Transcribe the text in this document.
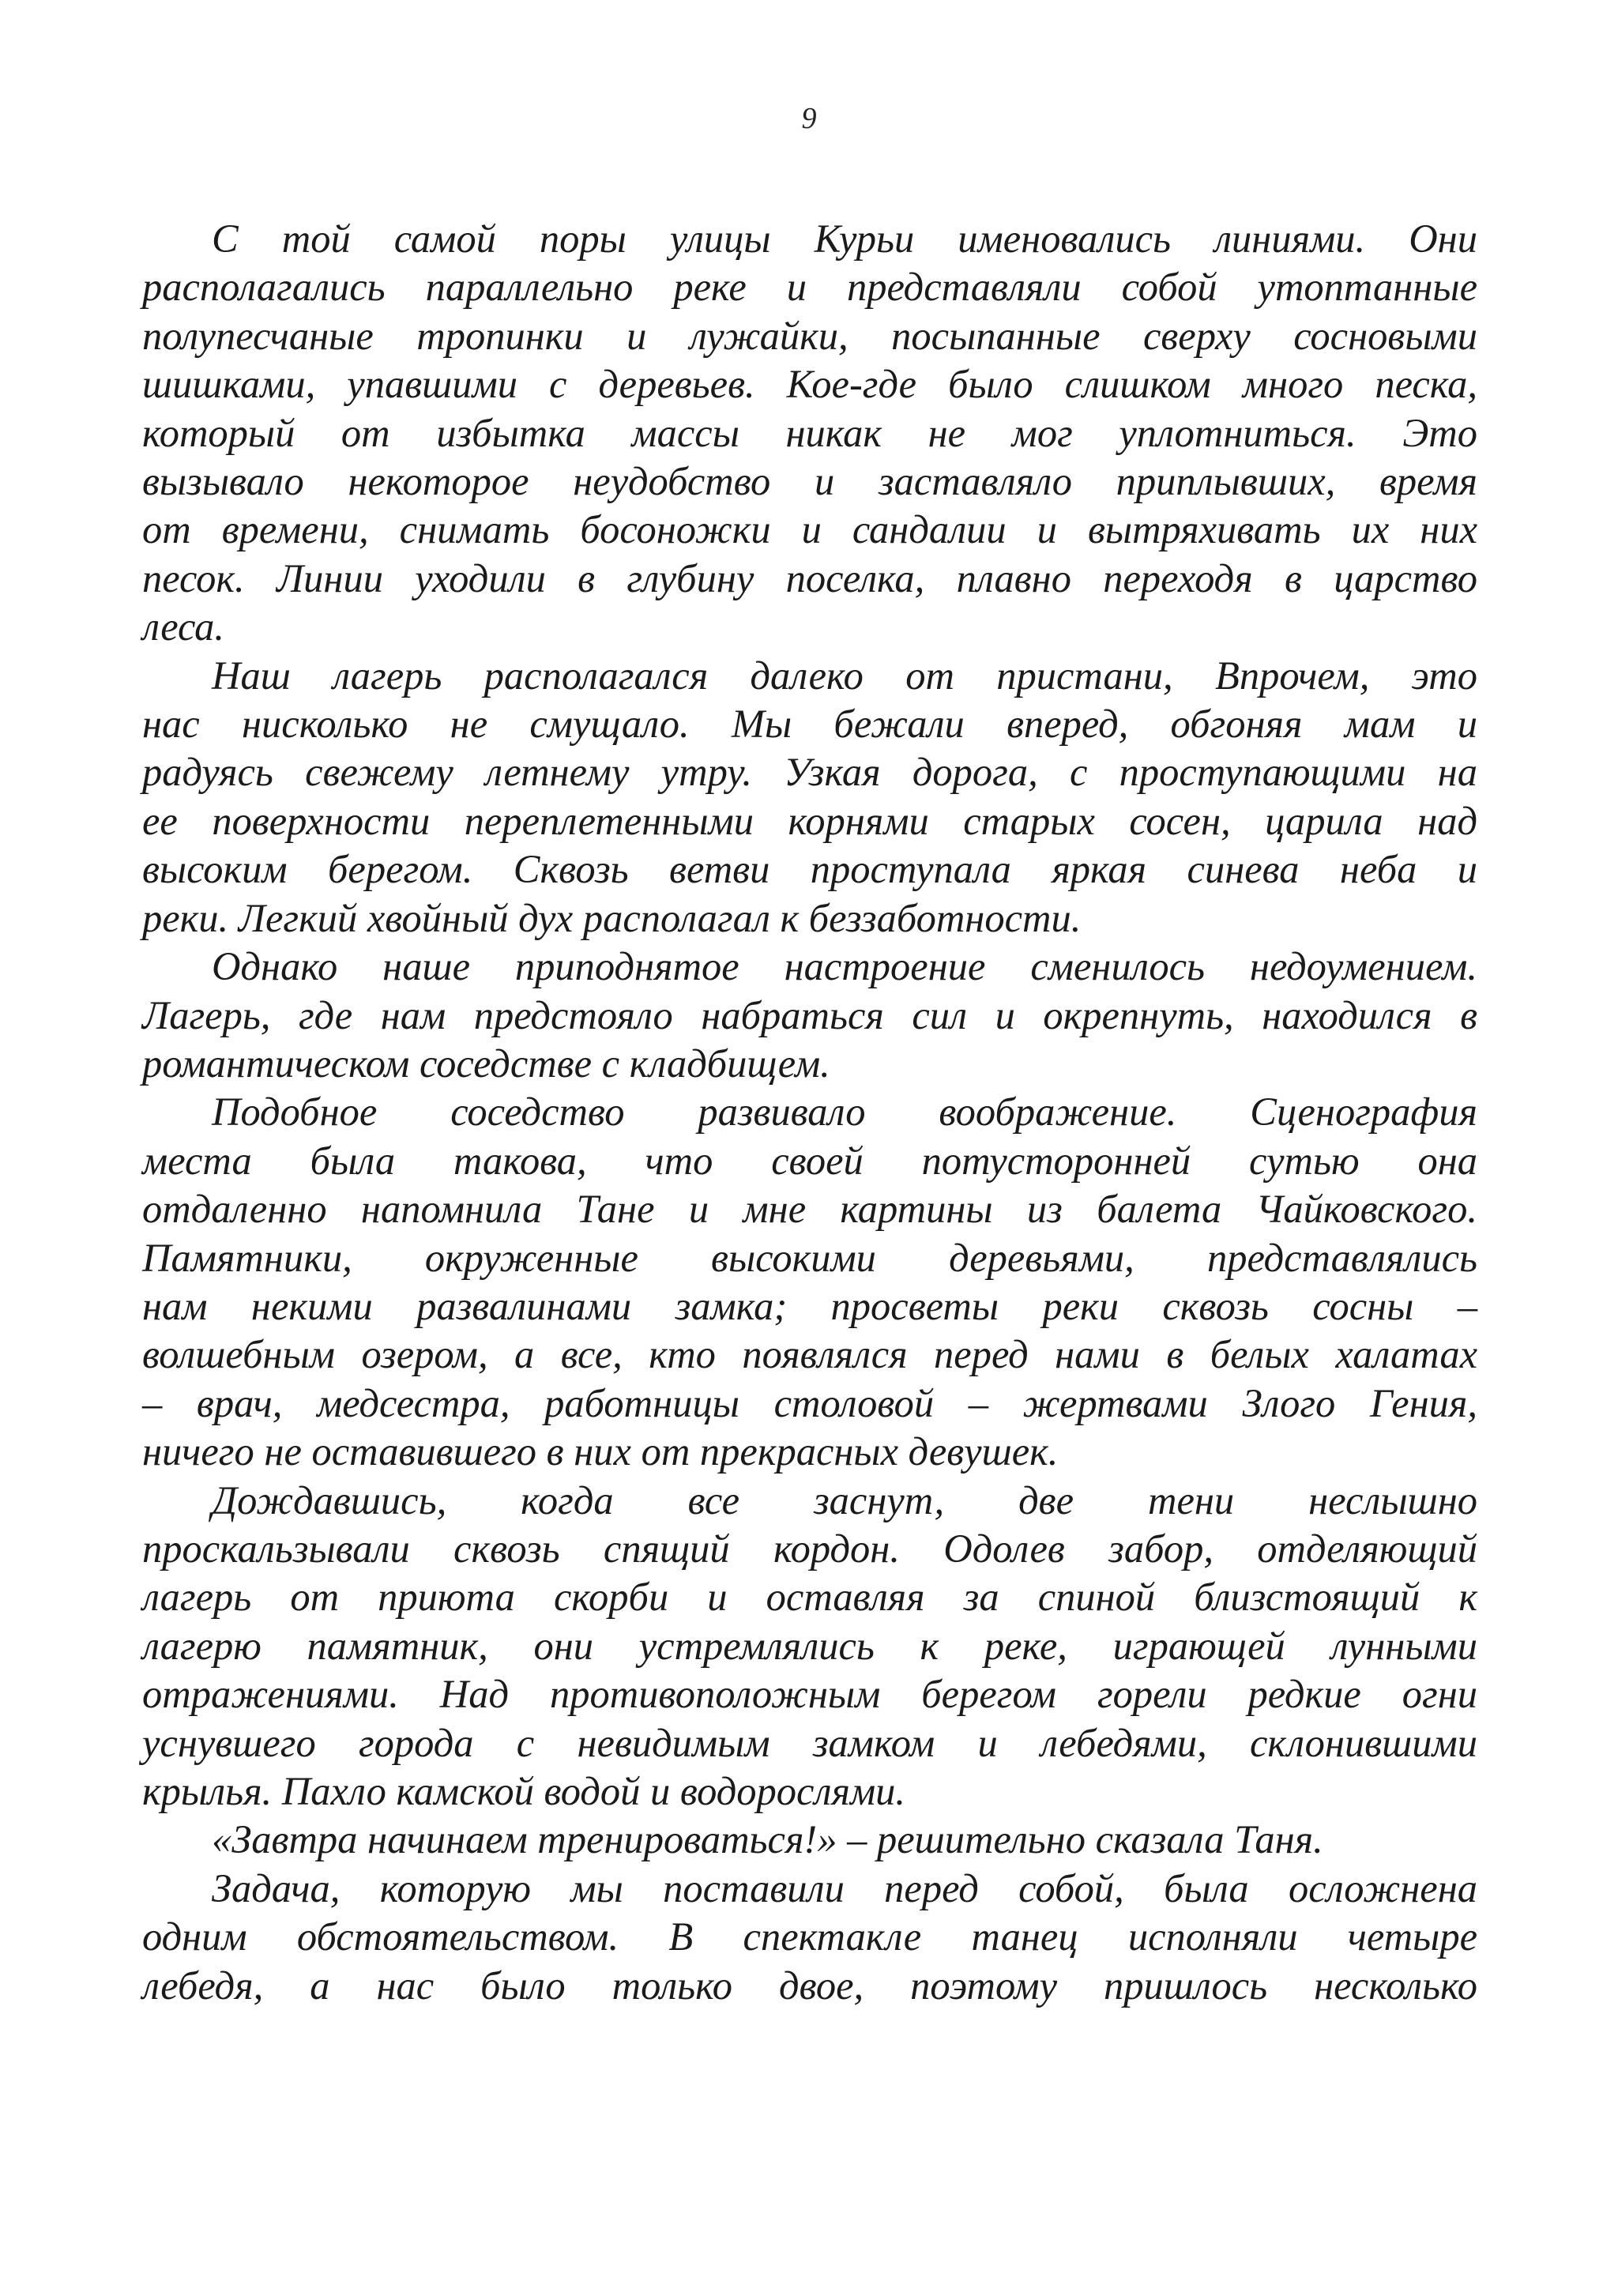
9

С той самой поры улицы Курьи именовались линиями. Они
располагались параллельно реке и представляли собой утоптанные
полупесчаные тропинки и лужайки, посыпанные сверху сосновыми
шишками, упавшими с деревьев. Кое-где было слишком много песка,
который от избытка массы никак не мог уплотниться. Это
вызывало некоторое неудобство и заставляло приплывших, время
от времени, снимать босоножки и сандалии и вытряхивать их них
песок. Линии уходили в глубину поселка, плавно переходя в царство
леса.

Наш лагерь располагался далеко от пристани, Впрочем, это
нас нисколько не смущало. Мы бежали вперед, обгоняя мам и
радуясь свежему летнему утру. Узкая дорога, с проступающими на
ее поверхности переплетенными корнями старых сосен, царила над
высоким берегом. Сквозь ветви проступала яркая синева неба и
реки. Легкий хвойный дух располагал к беззаботности.

Однако наше приподнятое настроение сменилось недоумением.
Лагерь, где нам предстояло набраться сил и окрепнуть, находился в
романтическом соседстве с кладбищем.

Подобное соседство развивало воображение. Сценография
места была такова, что своей потусторонней сутью она
отдаленно напомнила Тане и мне картины из балета Чайковского.
Памятники, окруженные высокими деревьями, представлялись
нам некими развалинами замка; просветы реки сквозь сосны –
волшебным озером, а все, кто появлялся перед нами в белых халатах
– врач, медсестра, работницы столовой – жертвами Злого Гения,
ничего не оставившего в них от прекрасных девушек.

Дождавшись, когда все заснут, две тени неслышно
проскальзывали сквозь спящий кордон. Одолев забор, отделяющий
лагерь от приюта скорби и оставляя за спиной близстоящий к
лагерю памятник, они устремлялись к реке, играющей лунными
отражениями. Над противоположным берегом горели редкие огни
уснувшего города с невидимым замком и лебедями, склонившими
крылья. Пахло камской водой и водорослями.

«Завтра начинаем тренироваться!» – решительно сказала Таня.

Задача, которую мы поставили перед собой, была осложнена
одним обстоятельством. В спектакле танец исполняли четыре
лебедя, а нас было только двое, поэтому пришлось несколько
